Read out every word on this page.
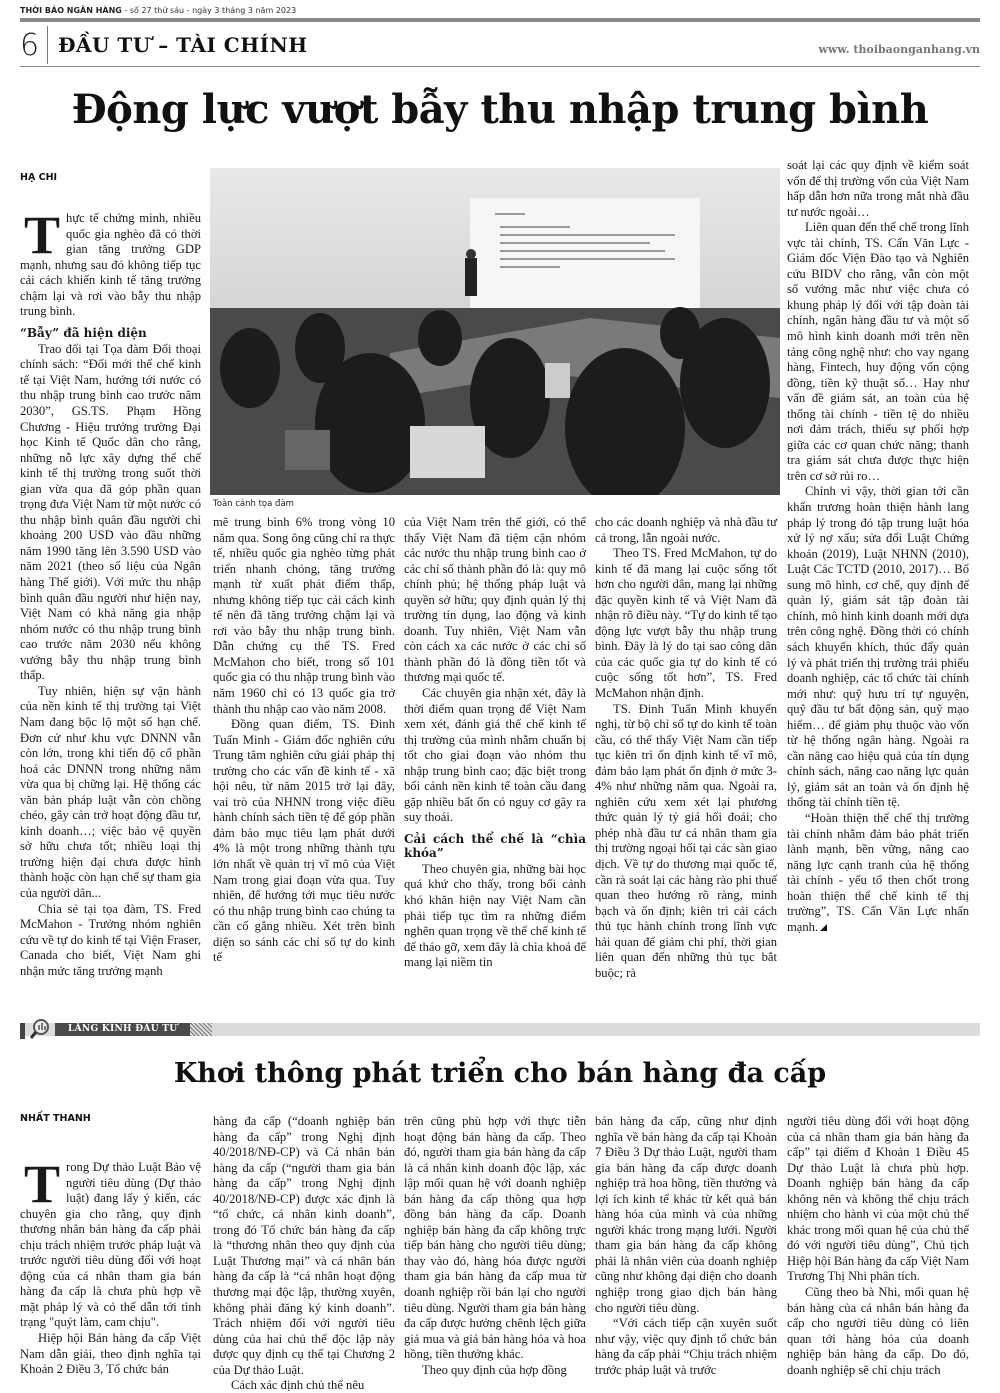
THỜI BÁO NGÂN HÀNG - số 27 thứ sáu - ngày 3 tháng 3 năm 2023
6 ĐẦU TƯ – TÀI CHÍNH	www. thoibaonganhang.vn
Động lực vượt bẫy thu nhập trung bình
HẠ CHI
Toàn cảnh tọa đàm

Thực tế chứng minh, nhiều quốc gia nghèo đã có thời gian tăng trưởng GDP mạnh, nhưng sau đó không tiếp tục cải cách khiến kinh tế tăng trưởng chậm lại và rơi vào bẫy thu nhập trung bình.

“Bẫy” đã hiện diện

Trao đổi tại Tọa đàm Đối thoại chính sách: “Đổi mới thể chế kinh tế tại Việt Nam, hướng tới nước có thu nhập trung bình cao trước năm 2030”, GS.TS. Phạm Hồng Chương - Hiệu trưởng trường Đại học Kinh tế Quốc dân cho rằng, những nỗ lực xây dựng thể chế kinh tế thị trường trong suốt thời gian vừa qua đã góp phần quan trọng đưa Việt Nam từ một nước có thu nhập bình quân đầu người chỉ khoảng 200 USD vào đầu những năm 1990 tăng lên 3.590 USD vào năm 2021 (theo số liệu của Ngân hàng Thế giới). Với mức thu nhập bình quân đầu người như hiện nay, Việt Nam có khả năng gia nhập nhóm nước có thu nhập trung bình cao trước năm 2030 nếu không vướng bẫy thu nhập trung bình thấp.

Tuy nhiên, hiện sự vận hành của nền kinh tế thị trường tại Việt Nam đang bộc lộ một số hạn chế. Đơn cử như khu vực DNNN vẫn còn lớn, trong khi tiến độ cổ phần hoá các DNNN trong những năm vừa qua bị chững lại. Hệ thống các văn bản pháp luật vẫn còn chồng chéo, gây cản trở hoạt động đầu tư, kinh doanh…; việc bảo vệ quyền sở hữu chưa tốt; nhiều loại thị trường hiện đại chưa được hình thành hoặc còn hạn chế sự tham gia của người dân...

Chia sẻ tại tọa đàm, TS. Fred McMahon - Trưởng nhóm nghiên cứu về tự do kinh tế tại Viện Fraser, Canada cho biết, Việt Nam ghi nhận mức tăng trưởng mạnh

mẽ trung bình 6% trong vòng 10 năm qua. Song ông cũng chỉ ra thực tế, nhiều quốc gia nghèo từng phát triển nhanh chóng, tăng trưởng mạnh từ xuất phát điểm thấp, nhưng không tiếp tục cải cách kinh tế nên đã tăng trưởng chậm lại và rơi vào bẫy thu nhập trung bình. Dẫn chứng cụ thể TS. Fred McMahon cho biết, trong số 101 quốc gia có thu nhập trung bình vào năm 1960 chỉ có 13 quốc gia trở thành thu nhập cao vào năm 2008.

Đồng quan điểm, TS. Đinh Tuấn Minh - Giám đốc nghiên cứu Trung tâm nghiên cứu giải pháp thị trường cho các vấn đề kinh tế - xã hội nêu, từ năm 2015 trở lại đây, vai trò của NHNN trong việc điều hành chính sách tiền tệ để góp phần đảm bảo mục tiêu lạm phát dưới 4% là một trong những thành tựu lớn nhất về quản trị vĩ mô của Việt Nam trong giai đoạn vừa qua. Tuy nhiên, để hướng tới mục tiêu nước có thu nhập trung bình cao chúng ta cần cố gắng nhiều. Xét trên bình diện so sánh các chỉ số tự do kinh tế

của Việt Nam trên thế giới, có thể thấy Việt Nam đã tiệm cận nhóm các nước thu nhập trung bình cao ở các chỉ số thành phần đó là: quy mô chính phủ; hệ thống pháp luật và quyền sở hữu; quy định quản lý thị trường tín dụng, lao động và kinh doanh. Tuy nhiên, Việt Nam vẫn còn cách xa các nước ở các chỉ số thành phần đó là đồng tiền tốt và thương mại quốc tế.

Các chuyên gia nhận xét, đây là thời điểm quan trọng để Việt Nam xem xét, đánh giá thể chế kinh tế thị trường của mình nhằm chuẩn bị tốt cho giai đoạn vào nhóm thu nhập trung bình cao; đặc biệt trong bối cảnh nền kinh tế toàn cầu đang gặp nhiều bất ổn có nguy cơ gây ra suy thoái.

Cải cách thể chế là “chìa khóa”

Theo chuyên gia, những bài học quá khứ cho thấy, trong bối cảnh khó khăn hiện nay Việt Nam cần phải tiếp tục tìm ra những điểm nghẽn quan trọng về thể chế kinh tế để tháo gỡ, xem đây là chìa khoá để mang lại niềm tin

cho các doanh nghiệp và nhà đầu tư cả trong, lẫn ngoài nước.

Theo TS. Fred McMahon, tự do kinh tế đã mang lại cuộc sống tốt hơn cho người dân, mang lại những đặc quyền kinh tế và Việt Nam đã nhận rõ điều này. “Tự do kinh tế tạo động lực vượt bẫy thu nhập trung bình. Đây là lý do tại sao công dân của các quốc gia tự do kinh tế có cuộc sống tốt hơn”, TS. Fred McMahon nhận định.

TS. Đinh Tuấn Minh khuyến nghị, từ bộ chỉ số tự do kinh tế toàn cầu, có thể thấy Việt Nam cần tiếp tục kiên trì ổn định kinh tế vĩ mô, đảm bảo lạm phát ổn định ở mức 3-4% như những năm qua. Ngoài ra, nghiên cứu xem xét lại phương thức quản lý tỷ giá hối đoái; cho phép nhà đầu tư cá nhân tham gia thị trường ngoại hối tại các sàn giao dịch. Về tự do thương mại quốc tế, cần rà soát lại các hàng rào phi thuế quan theo hướng rõ ràng, minh bạch và ổn định; kiên trì cải cách thủ tục hành chính trong lĩnh vực hải quan để giảm chi phí, thời gian liên quan đến những thủ tục bắt buộc; rà

soát lại các quy định về kiểm soát vốn để thị trường vốn của Việt Nam hấp dẫn hơn nữa trong mắt nhà đầu tư nước ngoài…

Liên quan đến thể chế trong lĩnh vực tài chính, TS. Cấn Văn Lực - Giám đốc Viện Đào tạo và Nghiên cứu BIDV cho rằng, vẫn còn một số vướng mắc như việc chưa có khung pháp lý đối với tập đoàn tài chính, ngân hàng đầu tư và một số mô hình kinh doanh mới trên nền tảng công nghệ như: cho vay ngang hàng, Fintech, huy động vốn cộng đồng, tiền kỹ thuật số… Hay như vấn đề giám sát, an toàn của hệ thống tài chính - tiền tệ do nhiều nơi đảm trách, thiếu sự phối hợp giữa các cơ quan chức năng; thanh tra giám sát chưa được thực hiện trên cơ sở rủi ro…

Chính vì vậy, thời gian tới cần khẩn trương hoàn thiện hành lang pháp lý trong đó tập trung luật hóa xử lý nợ xấu; sửa đổi Luật Chứng khoán (2019), Luật NHNN (2010), Luật Các TCTD (2010, 2017)… Bổ sung mô hình, cơ chế, quy định để quản lý, giám sát tập đoàn tài chính, mô hình kinh doanh mới dựa trên công nghệ. Đồng thời có chính sách khuyến khích, thúc đẩy quản lý và phát triển thị trường trái phiếu doanh nghiệp, các tổ chức tài chính mới như: quỹ hưu trí tự nguyện, quỹ đầu tư bất động sản, quỹ mạo hiểm… để giảm phụ thuộc vào vốn từ hệ thống ngân hàng. Ngoài ra cần nâng cao hiệu quả của tín dụng chính sách, nâng cao năng lực quản lý, giám sát an toàn và ổn định hệ thống tài chính tiền tệ.

“Hoàn thiện thể chế thị trường tài chính nhằm đảm bảo phát triển lành mạnh, bền vững, nâng cao năng lực cạnh tranh của hệ thống tài chính - yếu tố then chốt trong hoàn thiện thể chế kinh tế thị trường”, TS. Cấn Văn Lực nhấn mạnh.

LĂNG KÍNH ĐẦU TƯ
Khơi thông phát triển cho bán hàng đa cấp
NHẤT THANH

Trong Dự thảo Luật Bảo vệ người tiêu dùng (Dự thảo luật) đang lấy ý kiến, các chuyên gia cho rằng, quy định thương nhân bán hàng đa cấp phải chịu trách nhiệm trước pháp luật và trước người tiêu dùng đối với hoạt động của cá nhân tham gia bán hàng đa cấp là chưa phù hợp về mặt pháp lý và có thể dẫn tới tình trạng "quýt làm, cam chịu".

Hiệp hội Bán hàng đa cấp Việt Nam dẫn giải, theo định nghĩa tại Khoản 2 Điều 3, Tổ chức bán

hàng đa cấp (“doanh nghiệp bán hàng đa cấp” trong Nghị định 40/2018/NĐ-CP) và Cá nhân bán hàng đa cấp (“người tham gia bán hàng đa cấp” trong Nghị định 40/2018/NĐ-CP) được xác định là “tổ chức, cá nhân kinh doanh”, trong đó Tổ chức bán hàng đa cấp là “thương nhân theo quy định của Luật Thương mại” và cá nhân bán hàng đa cấp là “cá nhân hoạt động thương mại độc lập, thường xuyên, không phải đăng ký kinh doanh”. Trách nhiệm đối với người tiêu dùng của hai chủ thể độc lập này được quy định cụ thể tại Chương 2 của Dự thảo Luật.

Cách xác định chủ thể nêu

trên cũng phù hợp với thực tiễn hoạt động bán hàng đa cấp. Theo đó, người tham gia bán hàng đa cấp là cá nhân kinh doanh độc lập, xác lập mối quan hệ với doanh nghiệp bán hàng đa cấp thông qua hợp đồng bán hàng đa cấp. Doanh nghiệp bán hàng đa cấp không trực tiếp bán hàng cho người tiêu dùng; thay vào đó, hàng hóa được người tham gia bán hàng đa cấp mua từ doanh nghiệp rồi bán lại cho người tiêu dùng. Người tham gia bán hàng đa cấp được hưởng chênh lệch giữa giá mua và giá bán hàng hóa và hoa hồng, tiền thưởng khác.

Theo quy định của hợp đồng

bán hàng đa cấp, cũng như định nghĩa về bán hàng đa cấp tại Khoản 7 Điều 3 Dự thảo Luật, người tham gia bán hàng đa cấp được doanh nghiệp trả hoa hồng, tiền thưởng và lợi ích kinh tế khác từ kết quả bán hàng hóa của mình và của những người khác trong mạng lưới. Người tham gia bán hàng đa cấp không phải là nhân viên của doanh nghiệp cũng như không đại diện cho doanh nghiệp trong giao dịch bán hàng cho người tiêu dùng.

“Với cách tiếp cận xuyên suốt như vậy, việc quy định tổ chức bán hàng đa cấp phải “Chịu trách nhiệm trước pháp luật và trước

người tiêu dùng đối với hoạt động của cá nhân tham gia bán hàng đa cấp” tại điểm đ Khoản 1 Điều 45 Dự thảo Luật là chưa phù hợp. Doanh nghiệp bán hàng đa cấp không nên và không thể chịu trách nhiệm cho hành vi của một chủ thể khác trong mối quan hệ của chủ thể đó với người tiêu dùng”, Chủ tịch Hiệp hội Bán hàng đa cấp Việt Nam Trương Thị Nhi phân tích.

Cũng theo bà Nhi, mối quan hệ bán hàng của cá nhân bán hàng đa cấp cho người tiêu dùng có liên quan tới hàng hóa của doanh nghiệp bán hàng đa cấp. Do đó, doanh nghiệp sẽ chỉ chịu trách
